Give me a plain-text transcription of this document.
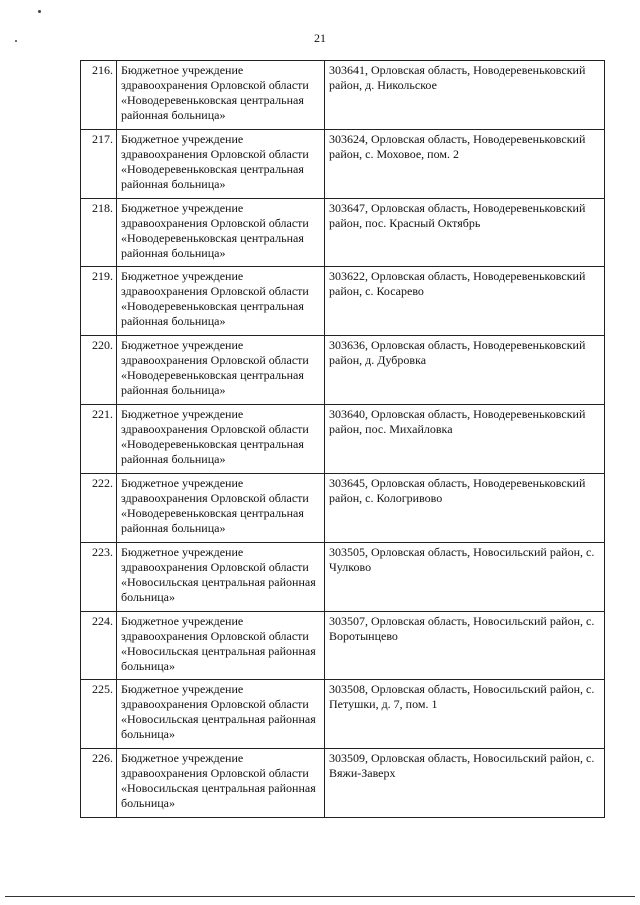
21
216.	Бюджетное учреждение здравоохранения Орловской области «Новодеревеньковская центральная районная больница»	303641, Орловская область, Новодеревеньковский район, д. Никольское
217.	Бюджетное учреждение здравоохранения Орловской области «Новодеревеньковская центральная районная больница»	303624, Орловская область, Новодеревеньковский район, с. Моховое, пом. 2
218.	Бюджетное учреждение здравоохранения Орловской области «Новодеревеньковская центральная районная больница»	303647, Орловская область, Новодеревеньковский район, пос. Красный Октябрь
219.	Бюджетное учреждение здравоохранения Орловской области «Новодеревеньковская центральная районная больница»	303622, Орловская область, Новодеревеньковский район, с. Косарево
220.	Бюджетное учреждение здравоохранения Орловской области «Новодеревеньковская центральная районная больница»	303636, Орловская область, Новодеревеньковский район, д. Дубровка
221.	Бюджетное учреждение здравоохранения Орловской области «Новодеревеньковская центральная районная больница»	303640, Орловская область, Новодеревеньковский район, пос. Михайловка
222.	Бюджетное учреждение здравоохранения Орловской области «Новодеревеньковская центральная районная больница»	303645, Орловская область, Новодеревеньковский район, с. Кологривово
223.	Бюджетное учреждение здравоохранения Орловской области «Новосильская центральная районная больница»	303505, Орловская область, Новосильский район, с. Чулково
224.	Бюджетное учреждение здравоохранения Орловской области «Новосильская центральная районная больница»	303507, Орловская область, Новосильский район, с. Воротынцево
225.	Бюджетное учреждение здравоохранения Орловской области «Новосильская центральная районная больница»	303508, Орловская область, Новосильский район, с. Петушки, д. 7, пом. 1
226.	Бюджетное учреждение здравоохранения Орловской области «Новосильская центральная районная больница»	303509, Орловская область, Новосильский район, с. Вяжи-Заверх
